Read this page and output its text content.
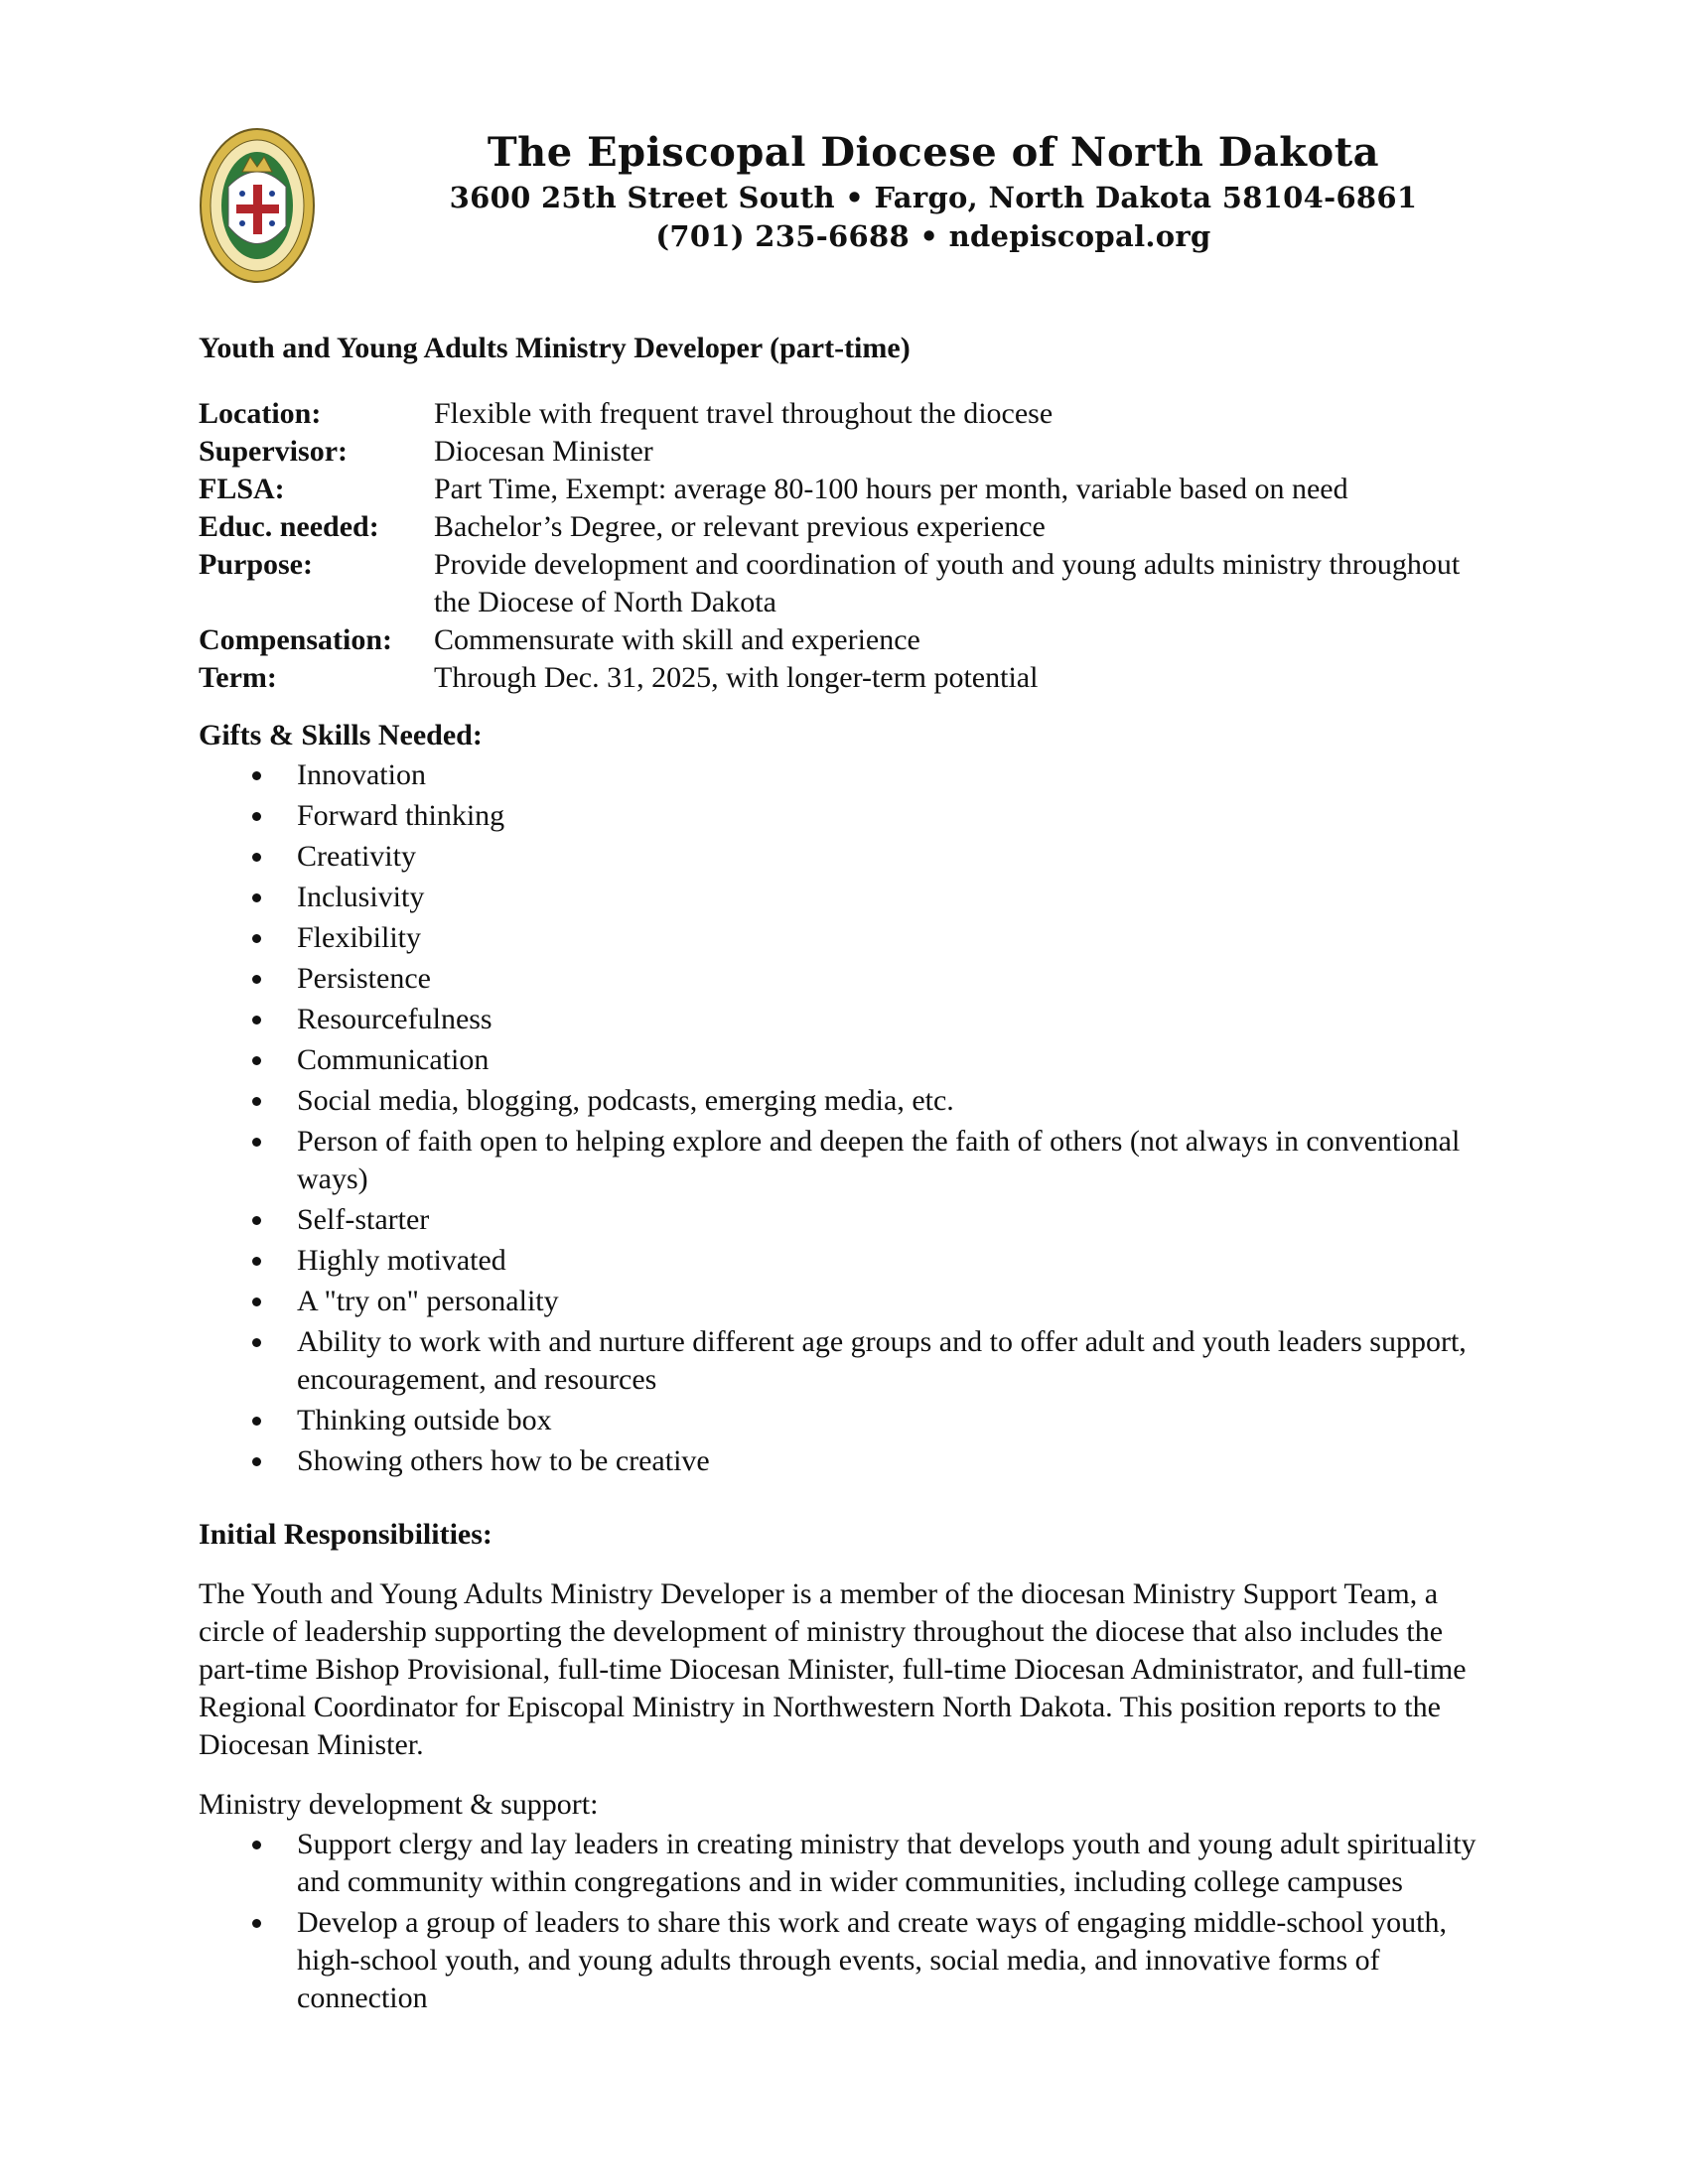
The Episcopal Diocese of North Dakota
3600 25th Street South • Fargo, North Dakota 58104-6861
(701) 235-6688 • ndepiscopal.org
Youth and Young Adults Ministry Developer (part-time)
Location:	Flexible with frequent travel throughout the diocese
Supervisor:	Diocesan Minister
FLSA:	Part Time, Exempt: average 80-100 hours per month, variable based on need
Educ. needed:	Bachelor’s Degree, or relevant previous experience
Purpose:	Provide development and coordination of youth and young adults ministry throughout the Diocese of North Dakota
Compensation:	Commensurate with skill and experience
Term:	Through Dec. 31, 2025, with longer-term potential
Gifts & Skills Needed:
Innovation
Forward thinking
Creativity
Inclusivity
Flexibility
Persistence
Resourcefulness
Communication
Social media, blogging, podcasts, emerging media, etc.
Person of faith open to helping explore and deepen the faith of others (not always in conventional ways)
Self-starter
Highly motivated
A "try on" personality
Ability to work with and nurture different age groups and to offer adult and youth leaders support, encouragement, and resources
Thinking outside box
Showing others how to be creative
Initial Responsibilities:
The Youth and Young Adults Ministry Developer is a member of the diocesan Ministry Support Team, a circle of leadership supporting the development of ministry throughout the diocese that also includes the part-time Bishop Provisional, full-time Diocesan Minister, full-time Diocesan Administrator, and full-time Regional Coordinator for Episcopal Ministry in Northwestern North Dakota. This position reports to the Diocesan Minister.
Ministry development & support:
Support clergy and lay leaders in creating ministry that develops youth and young adult spirituality and community within congregations and in wider communities, including college campuses
Develop a group of leaders to share this work and create ways of engaging middle-school youth, high-school youth, and young adults through events, social media, and innovative forms of connection
